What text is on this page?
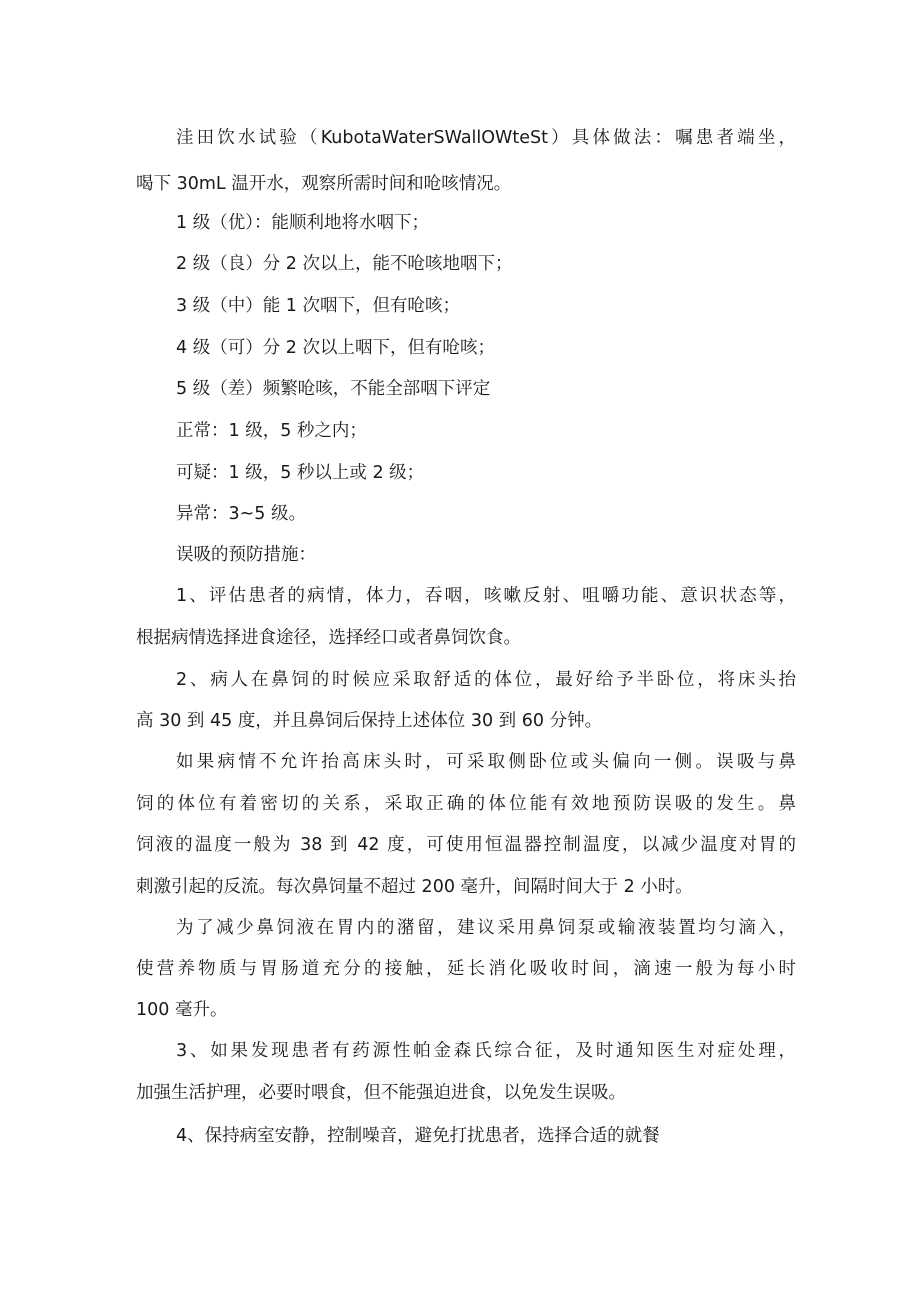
洼田饮水试验（KubotaWaterSWallOWteSt）具体做法：嘱患者端坐，

喝下 30mL 温开水，观察所需时间和呛咳情况。

1 级（优）：能顺利地将水咽下；

2 级（良）分 2 次以上，能不呛咳地咽下；

3 级（中）能 1 次咽下，但有呛咳；

4 级（可）分 2 次以上咽下，但有呛咳；

5 级（差）频繁呛咳，不能全部咽下评定

正常：1 级，5 秒之内；

可疑：1 级，5 秒以上或 2 级；

异常：3~5 级。

误吸的预防措施：

1、评估患者的病情，体力，吞咽，咳嗽反射、咀嚼功能、意识状态等，

根据病情选择进食途径，选择经口或者鼻饲饮食。

2、病人在鼻饲的时候应采取舒适的体位，最好给予半卧位，将床头抬

高 30 到 45 度，并且鼻饲后保持上述体位 30 到 60 分钟。

如果病情不允许抬高床头时，可采取侧卧位或头偏向一侧。误吸与鼻

饲的体位有着密切的关系，采取正确的体位能有效地预防误吸的发生。鼻

饲液的温度一般为 38 到 42 度，可使用恒温器控制温度，以减少温度对胃的

刺激引起的反流。每次鼻饲量不超过 200 毫升，间隔时间大于 2 小时。

为了减少鼻饲液在胃内的潴留，建议采用鼻饲泵或输液装置均匀滴入，

使营养物质与胃肠道充分的接触，延长消化吸收时间，滴速一般为每小时

100 毫升。

3、如果发现患者有药源性帕金森氏综合征，及时通知医生对症处理，

加强生活护理，必要时喂食，但不能强迫进食，以免发生误吸。

4、保持病室安静，控制噪音，避免打扰患者，选择合适的就餐
